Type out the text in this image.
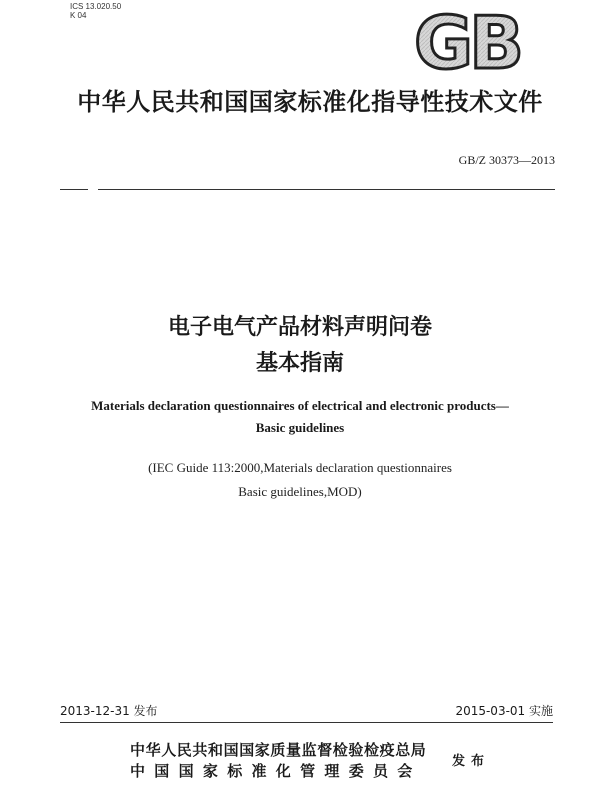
ICS 13.020.50
K 04	GB
中华人民共和国国家标准化指导性技术文件
GB/Z 30373—2013
电子电气产品材料声明问卷
基本指南
Materials declaration questionnaires of electrical and electronic products—
Basic guidelines
(IEC Guide 113:2000,Materials declaration questionnaires
Basic guidelines,MOD)
2013-12-31 发布	2015-03-01 实施
中华人民共和国国家质量监督检验检疫总局
中国国家标准化管理委员会
发布
